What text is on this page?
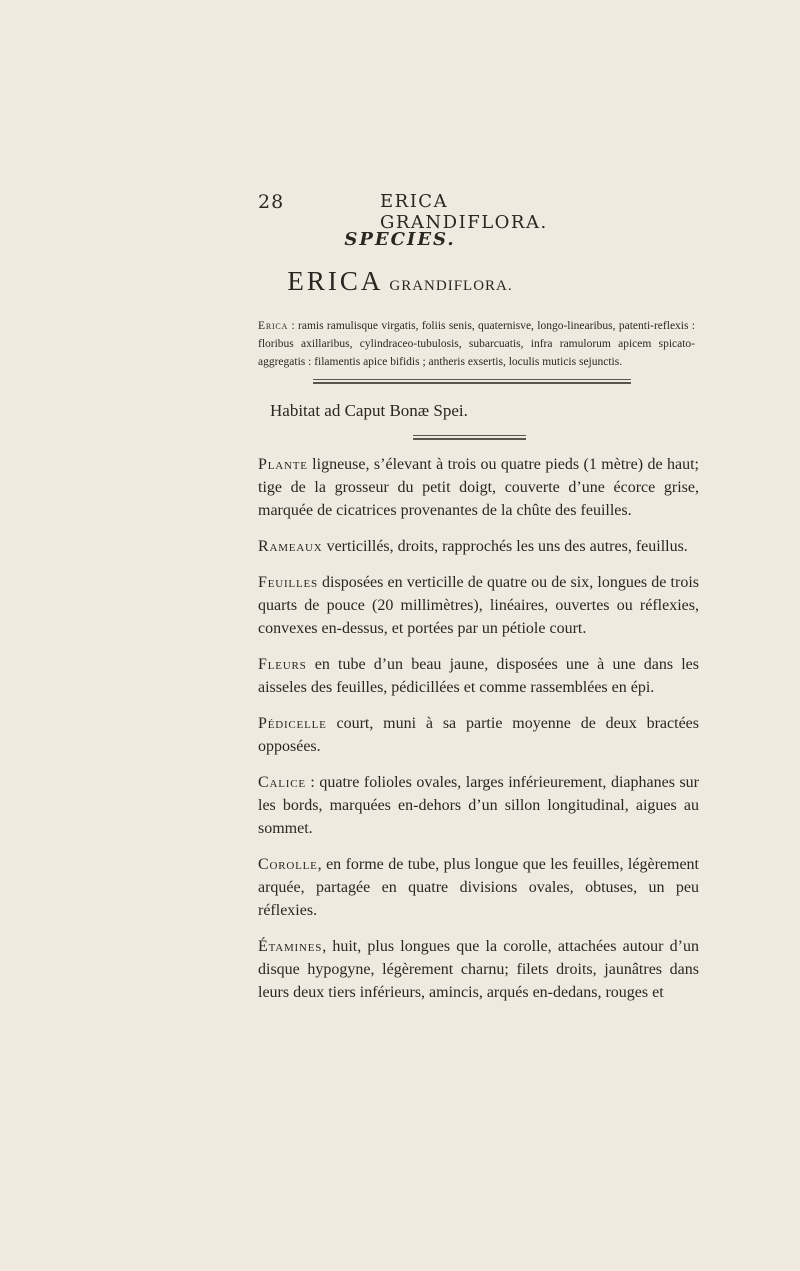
28	ERICA GRANDIFLORA.
SPECIES.
ERICA GRANDIFLORA.
Erica : ramis ramulisque virgatis, foliis senis, quaternisve, longo-linearibus, patenti-reflexis : floribus axillaribus, cylindraceo-tubulosis, subarcuatis, infra ramulorum apicem spicato-aggregatis : filamentis apice bifidis ; antheris exsertis, loculis muticis sejunctis.
Habitat ad Caput Bonæ Spei.

Plante ligneuse, s’élevant à trois ou quatre pieds (1 mètre) de haut; tige de la grosseur du petit doigt, couverte d’une écorce grise, marquée de cicatrices provenantes de la chûte des feuilles.

Rameaux verticillés, droits, rapprochés les uns des autres, feuillus.

Feuilles disposées en verticille de quatre ou de six, longues de trois quarts de pouce (20 millimètres), linéaires, ouvertes ou réflexies, convexes en-dessus, et portées par un pétiole court.

Fleurs en tube d’un beau jaune, disposées une à une dans les aisseles des feuilles, pédicillées et comme rassemblées en épi.

Pédicelle court, muni à sa partie moyenne de deux bractées opposées.

Calice : quatre folioles ovales, larges inférieurement, diaphanes sur les bords, marquées en-dehors d’un sillon longitudinal, aigues au sommet.

Corolle, en forme de tube, plus longue que les feuilles, légèrement arquée, partagée en quatre divisions ovales, obtuses, un peu réflexies.

Étamines, huit, plus longues que la corolle, attachées autour d’un disque hypogyne, légèrement charnu; filets droits, jaunâtres dans leurs deux tiers inférieurs, amincis, arqués en-dedans, rouges et
